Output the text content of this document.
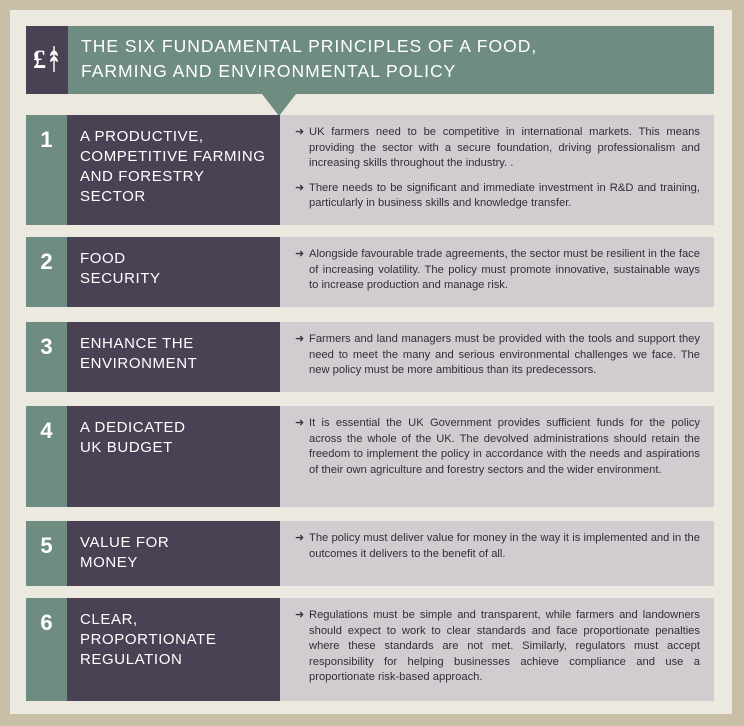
£ THE SIX FUNDAMENTAL PRINCIPLES OF A FOOD,
FARMING AND ENVIRONMENTAL POLICY
1	A PRODUCTIVE,
COMPETITIVE FARMING
AND FORESTRY SECTOR

➜ UK farmers need to be competitive in international markets. This means providing the sector with a secure foundation, driving professionalism and increasing skills throughout the industry. .

➜ There needs to be significant and immediate investment in R&D and training, particularly in business skills and knowledge transfer.

2	FOOD
SECURITY

➜ Alongside favourable trade agreements, the sector must be resilient in the face of increasing volatility. The policy must promote innovative, sustainable ways to increase production and manage risk.

3	ENHANCE THE
ENVIRONMENT

➜ Farmers and land managers must be provided with the tools and support they need to meet the many and serious environmental challenges we face. The new policy must be more ambitious than its predecessors.

4	A DEDICATED
UK BUDGET

➜ It is essential the UK Government provides sufficient funds for the policy across the whole of the UK. The devolved administrations should retain the freedom to implement the policy in accordance with the needs and aspirations of their own agriculture and forestry sectors and the wider environment.

5	VALUE FOR
MONEY

➜ The policy must deliver value for money in the way it is implemented and in the outcomes it delivers to the benefit of all.

6	CLEAR, PROPORTIONATE
REGULATION

➜ Regulations must be simple and transparent, while farmers and landowners should expect to work to clear standards and face proportionate penalties where these standards are not met. Similarly, regulators must accept responsibility for helping businesses achieve compliance and use a proportionate risk-based approach.
